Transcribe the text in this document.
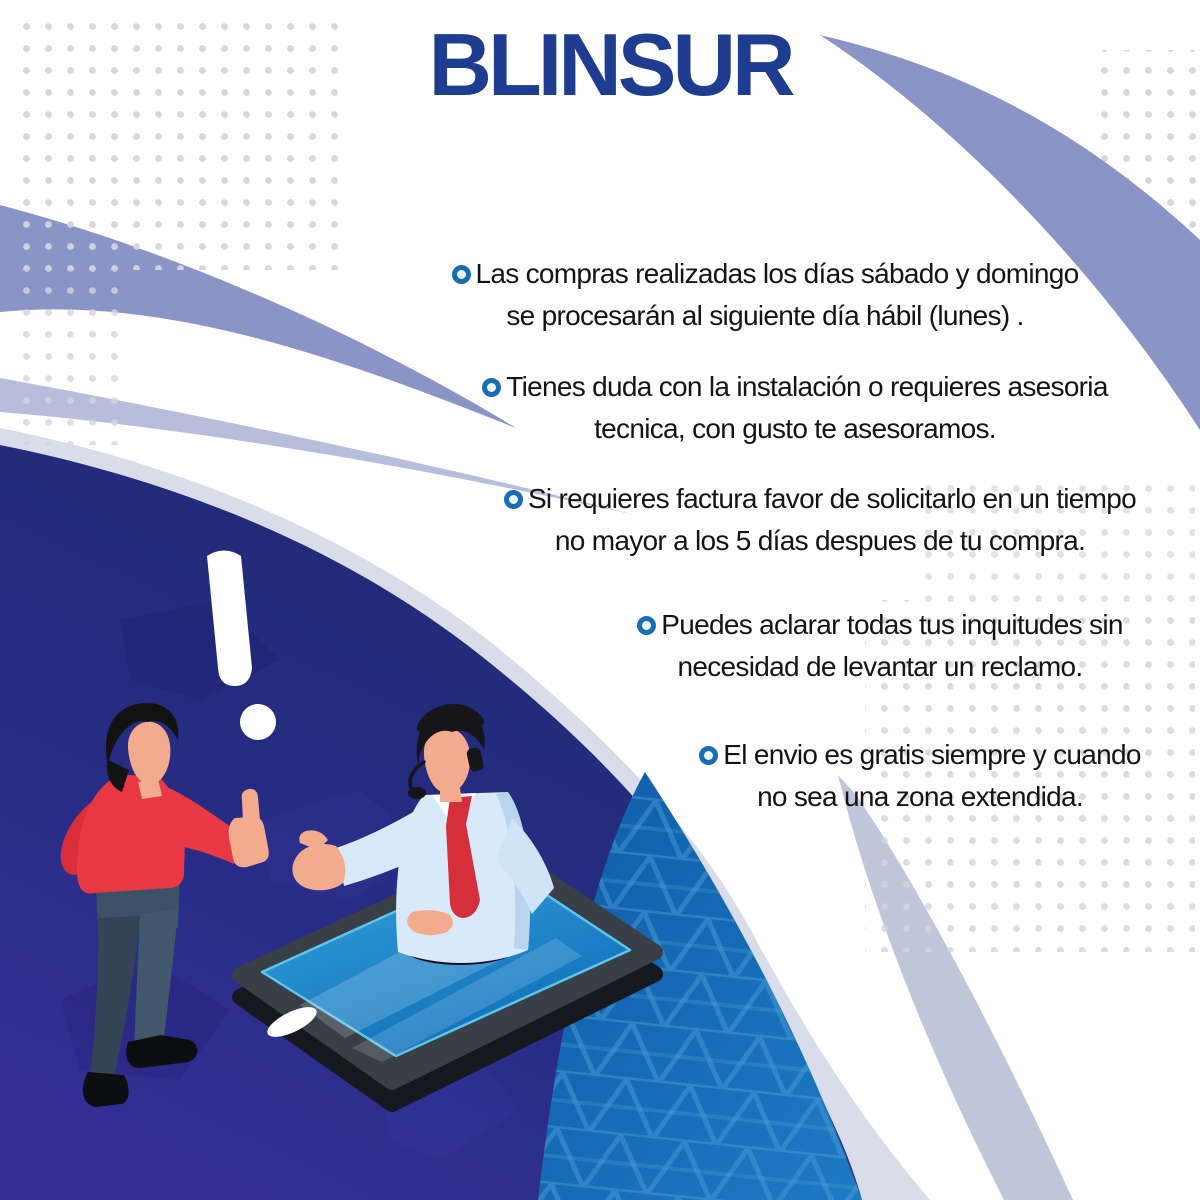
BLINSUR
Las compras realizadas los días sábado y domingo
se procesarán al siguiente día hábil (lunes) .
Tienes duda con la instalación o requieres asesoria
tecnica, con gusto te asesoramos.
Si requieres factura favor de solicitarlo en un tiempo
no mayor a los 5 días despues de tu compra.
Puedes aclarar todas tus inquitudes sin
necesidad de levantar un reclamo.
El envio es gratis siempre y cuando
no sea una zona extendida.
